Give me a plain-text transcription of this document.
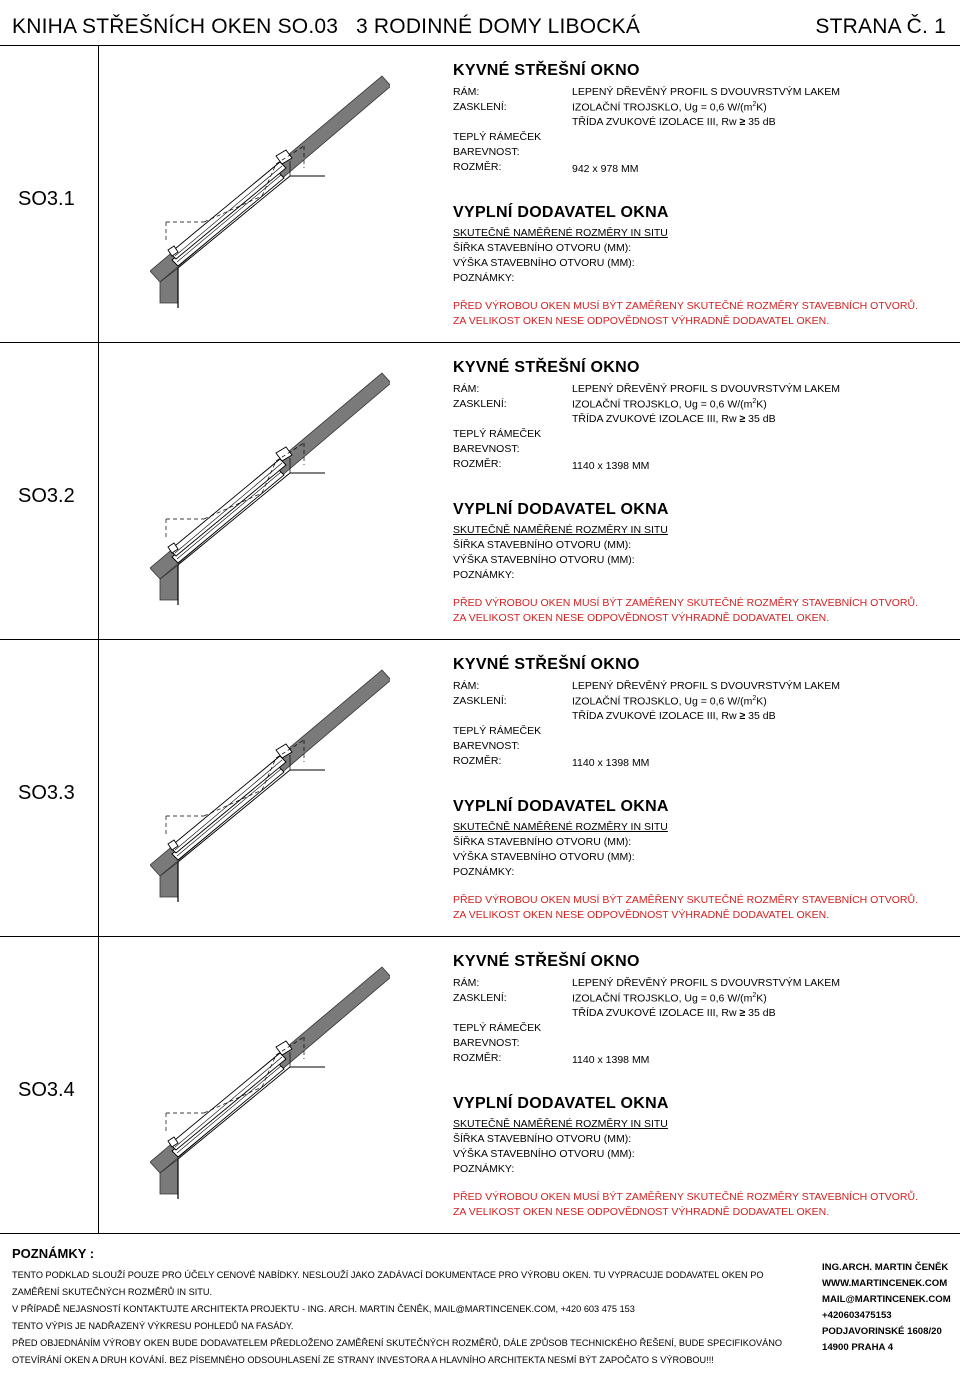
KNIHA STŘEŠNÍCH OKEN SO.03 3 RODINNÉ DOMY LIBOCKÁ	STRANA Č. 1
SO3.1
KYVNÉ STŘEŠNÍ OKNO
RÁM:	LEPENÝ DŘEVĚNÝ PROFIL S DVOUVRSTVÝM LAKEM
ZASKLENÍ:	IZOLAČNÍ TROJSKLO, Ug = 0,6 $W/(m^2K)$
TŘÍDA ZVUKOVÉ IZOLACE III, Rw ≥ 35 dB
TEPLÝ RÁMEČEK
BAREVNOST:
ROZMĚR:	942 x 978 MM
VYPLNÍ DODAVATEL OKNA
SKUTEČNĚ NAMĚŘENÉ ROZMĚRY IN SITU
ŠÍŘKA STAVEBNÍHO OTVORU (MM):
VÝŠKA STAVEBNÍHO OTVORU (MM):
POZNÁMKY:
PŘED VÝROBOU OKEN MUSÍ BÝT ZAMĚŘENY SKUTEČNÉ ROZMĚRY STAVEBNÍCH OTVORŮ.
ZA VELIKOST OKEN NESE ODPOVĚDNOST VÝHRADNĚ DODAVATEL OKEN.
SO3.2
KYVNÉ STŘEŠNÍ OKNO
RÁM:	LEPENÝ DŘEVĚNÝ PROFIL S DVOUVRSTVÝM LAKEM
ZASKLENÍ:	IZOLAČNÍ TROJSKLO, Ug = 0,6 $W/(m^2K)$
TŘÍDA ZVUKOVÉ IZOLACE III, Rw ≥ 35 dB
TEPLÝ RÁMEČEK
BAREVNOST:
ROZMĚR:	1140 x 1398 MM
VYPLNÍ DODAVATEL OKNA
SKUTEČNĚ NAMĚŘENÉ ROZMĚRY IN SITU
ŠÍŘKA STAVEBNÍHO OTVORU (MM):
VÝŠKA STAVEBNÍHO OTVORU (MM):
POZNÁMKY:
PŘED VÝROBOU OKEN MUSÍ BÝT ZAMĚŘENY SKUTEČNÉ ROZMĚRY STAVEBNÍCH OTVORŮ.
ZA VELIKOST OKEN NESE ODPOVĚDNOST VÝHRADNĚ DODAVATEL OKEN.
SO3.3
KYVNÉ STŘEŠNÍ OKNO
RÁM:	LEPENÝ DŘEVĚNÝ PROFIL S DVOUVRSTVÝM LAKEM
ZASKLENÍ:	IZOLAČNÍ TROJSKLO, Ug = 0,6 $W/(m^2K)$
TŘÍDA ZVUKOVÉ IZOLACE III, Rw ≥ 35 dB
TEPLÝ RÁMEČEK
BAREVNOST:
ROZMĚR:	1140 x 1398 MM
VYPLNÍ DODAVATEL OKNA
SKUTEČNĚ NAMĚŘENÉ ROZMĚRY IN SITU
ŠÍŘKA STAVEBNÍHO OTVORU (MM):
VÝŠKA STAVEBNÍHO OTVORU (MM):
POZNÁMKY:
PŘED VÝROBOU OKEN MUSÍ BÝT ZAMĚŘENY SKUTEČNÉ ROZMĚRY STAVEBNÍCH OTVORŮ.
ZA VELIKOST OKEN NESE ODPOVĚDNOST VÝHRADNĚ DODAVATEL OKEN.
SO3.4
KYVNÉ STŘEŠNÍ OKNO
RÁM:	LEPENÝ DŘEVĚNÝ PROFIL S DVOUVRSTVÝM LAKEM
ZASKLENÍ:	IZOLAČNÍ TROJSKLO, Ug = 0,6 $W/(m^2K)$
TŘÍDA ZVUKOVÉ IZOLACE III, Rw ≥ 35 dB
TEPLÝ RÁMEČEK
BAREVNOST:
ROZMĚR:	1140 x 1398 MM
VYPLNÍ DODAVATEL OKNA
SKUTEČNĚ NAMĚŘENÉ ROZMĚRY IN SITU
ŠÍŘKA STAVEBNÍHO OTVORU (MM):
VÝŠKA STAVEBNÍHO OTVORU (MM):
POZNÁMKY:
PŘED VÝROBOU OKEN MUSÍ BÝT ZAMĚŘENY SKUTEČNÉ ROZMĚRY STAVEBNÍCH OTVORŮ.
ZA VELIKOST OKEN NESE ODPOVĚDNOST VÝHRADNĚ DODAVATEL OKEN.
POZNÁMKY :
TENTO PODKLAD SLOUŽÍ POUZE PRO ÚČELY CENOVÉ NABÍDKY. NESLOUŽÍ JAKO ZADÁVACÍ DOKUMENTACE PRO VÝROBU OKEN. TU VYPRACUJE DODAVATEL OKEN PO
ZAMĚŘENÍ SKUTEČNÝCH ROZMĚRŮ IN SITU.
V PŘÍPADĚ NEJASNOSTÍ KONTAKTUJTE ARCHITEKTA PROJEKTU - ING. ARCH. MARTIN ČENĚK, MAIL@MARTINCENEK.COM, +420 603 475 153
TENTO VÝPIS JE NADŘAZENÝ VÝKRESU POHLEDŮ NA FASÁDY.
PŘED OBJEDNÁNÍM VÝROBY OKEN BUDE DODAVATELEM PŘEDLOŽENO ZAMĚŘENÍ SKUTEČNÝCH ROZMĚRŮ, DÁLE ZPŮSOB TECHNICKÉHO ŘEŠENÍ, BUDE SPECIFIKOVÁNO
OTEVÍRÁNÍ OKEN A DRUH KOVÁNÍ. BEZ PÍSEMNÉHO ODSOUHLASENÍ ZE STRANY INVESTORA A HLAVNÍHO ARCHITEKTA NESMÍ BÝT ZAPOČATO S VÝROBOU!!!
ING.ARCH. MARTIN ČENĚK
WWW.MARTINCENEK.COM
MAIL@MARTINCENEK.COM
+420603475153
PODJAVORINSKÉ 1608/20
14900 PRAHA 4
